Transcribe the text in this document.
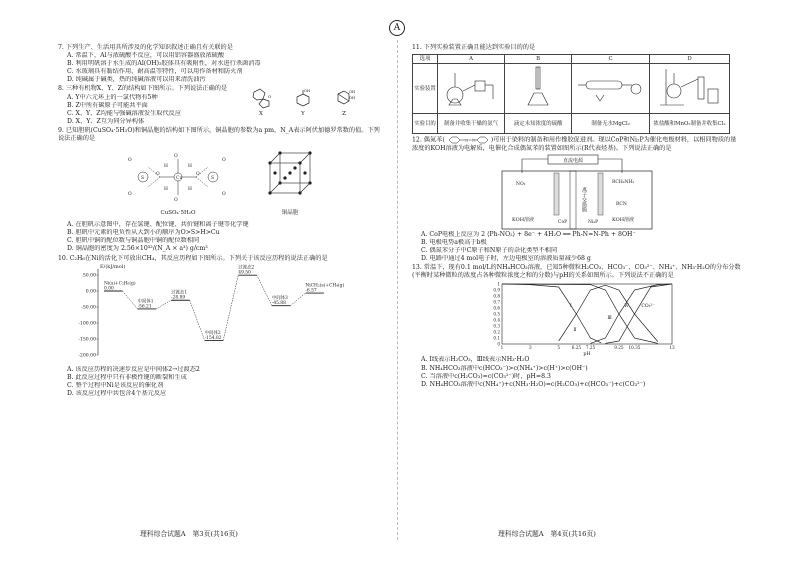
A
7. 下列生产、生活用具所涉及的化学知识叙述正确且有关联的是
A. 常温下，Al与浓硫酸不反应，可以用铝容器盛放浓硫酸
B. 利用明矾溶于水生成的Al(OH)₃胶体具有吸附性，对水进行杀菌消毒
C. 水玻璃具有黏结作用，耐高温等特性，可以用作备材和防火剂
D. 纯碱属于碱类，热的纯碱溶液可以用来清洗油污
8. 三种有机物X、Y、Z的结构如下图所示。下列说法正确的是
A. Y中六元环上的一氯代物有5种
B. Z中所有碳原子可能共平面
C. X、Y、Z均能与强碱溶液发生取代反应
D. X、Y、Z互为同分异构体
O
X
OH
Y
OH
OH
Z
9. 已知胆矾(CuSO₄·5H₂O)和铜晶胞的结构如下图所示，铜晶胞的参数为a pm，N_A表示阿伏加德罗常数的值。下列说法正确的是
Cu
S	S
O
O
O	O
O
O
O
O
H	H
H	H
CuSO₄·5H₂O	铜晶胞
A. 在胆矾示意图中，存在氢键、配位键、共价键和离子键等化学键
B. 胆矾中元素的电负性从大到小的顺序为O>S>H>Cu
C. 胆矾中铜的配位数与铜晶胞中铜的配位数相同
D. 铜晶胞的密度为 2.56×10³²/(N_A × a³) g/cm³
10. C₂H₆在Ni的活化下可放出CH₄，其反应历程如下图所示。下列关于该反应历程的说法正确的是
E/(kJ/mol)
50.00
0.00
-50.00
-100.00
-150.00
-200.00
Ni(s)+C₂H₆(g)
0.00
中间体1
-56.21
过渡态1
-28.89
中间体2
-154.82
过渡态2
49.50
中间体3
-45.88
NiCH₂(s)+CH₄(g)
-6.57
A. 该反应历程的决速步反应是中间体2→过渡态2
B. 此反应过程中只有非极性键的断裂和生成
C. 整个过程中Ni是该反应的催化剂
D. 该反应过程中共包含4个基元反应
11. 下列实验装置正确且能达到实验目的的是
选项	A	B	C	D
实验装置				
实验目的	制备并收集干燥的氨气	滴定未知浓度的硫酸	制备无水MgCl₂	浓盐酸和MnO₂制备并收集Cl₂
12. 偶氮苯(	N=N	)可用于染料的制备和用作橡胶促进剂。现以CoP和Ni₂P为催化电极材料，以相同物质的量浓度的KOH溶液为电解质，电催化合成偶氮苯的装置如图所示(R代表烃基)。下列说法正确的是
直流电源
离子交换膜
CoP	Ni₂P
KOH溶液	KOH溶液
NO₂	RCH₂NH₂
RCN
A. CoP电极上反应为 2 ⟨Ph-NO₂⟩ + 8e⁻ + 4H₂O ══ Ph-N=N-Ph + 8OH⁻
B. 电极电势a极高于b极
C. 偶氮苯分子中C原子和N原子的杂化类型不相同
D. 电路中通过4 mol电子时，左边电极室的溶液质量减少68 g
13. 常温下，现有0.1 mol/L的NH₄HCO₃溶液，已知5种微粒H₂CO₃、HCO₃⁻、CO₃²⁻、NH₄⁺、NH₃·H₂O的分布分数(平衡时某种微粒的浓度占各种微粒浓度之和的分数)与pH的关系如图所示。下列说法不正确的是
1
0.9
0.8
0.7
0.6
0.5
0.4
0.3
0.2
0.1
0
1	3	5	6.25 7.25	9.25 10.35	13
pH
Ⅰ
Ⅱ
Ⅲ
Ⅳ	CO₃²⁻
A. Ⅰ线表示H₂CO₃，Ⅲ线表示NH₃·H₂O
B. NH₄HCO₃溶液中c(HCO₃⁻)>c(NH₄⁺)>c(H⁺)>c(OH⁻)
C. 当溶液中c(H₂CO₃)=c(CO₃²⁻)时，pH=8.3
D. NH₄HCO₃溶液中c(NH₄⁺)+c(NH₃·H₂O)=c(H₂CO₃)+c(HCO₃⁻)+c(CO₃²⁻)
理科综合试题A　第3页(共16页)	理科综合试题A　第4页(共16页)
